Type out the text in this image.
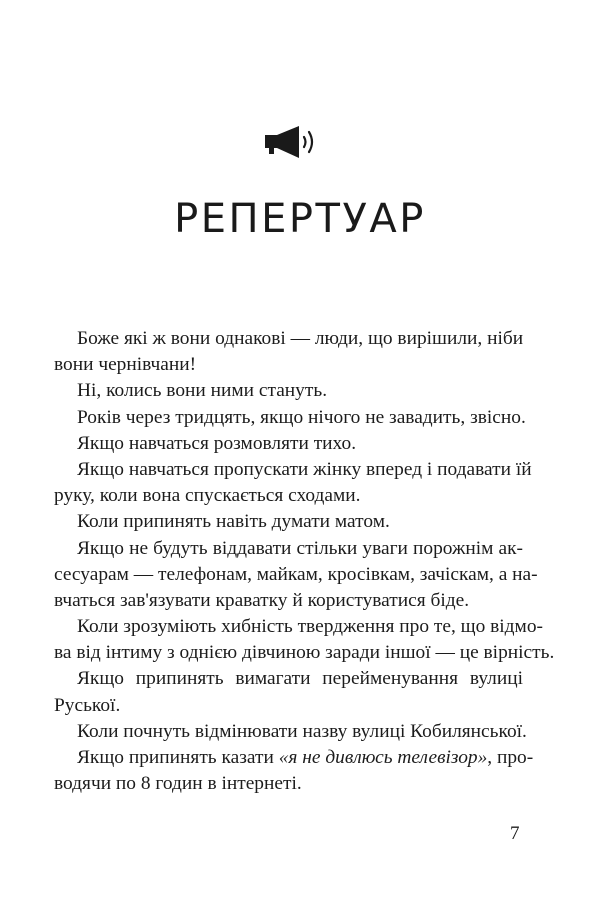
РЕПЕРТУАР
Боже які ж вони однакові — люди, що вирішили, ніби
вони чернівчани!
Ні, колись вони ними стануть.
Років через тридцять, якщо нічого не завадить, звісно.
Якщо навчаться розмовляти тихо.
Якщо навчаться пропускати жінку вперед і подавати їй
руку, коли вона спускається сходами.
Коли припинять навіть думати матом.
Якщо не будуть віддавати стільки уваги порожнім ак-
сесуарам — телефонам, майкам, кросівкам, зачіскам, а на-
вчаться зав'язувати краватку й користуватися біде.
Коли зрозуміють хибність твердження про те, що відмо-
ва від інтиму з однією дівчиною заради іншої — це вірність.
Якщо припинять вимагати перейменування вулиці
Руської.
Коли почнуть відмінювати назву вулиці Кобилянської.
Якщо припинять казати «я не дивлюсь телевізор», про-
водячи по 8 годин в інтернеті.
7
